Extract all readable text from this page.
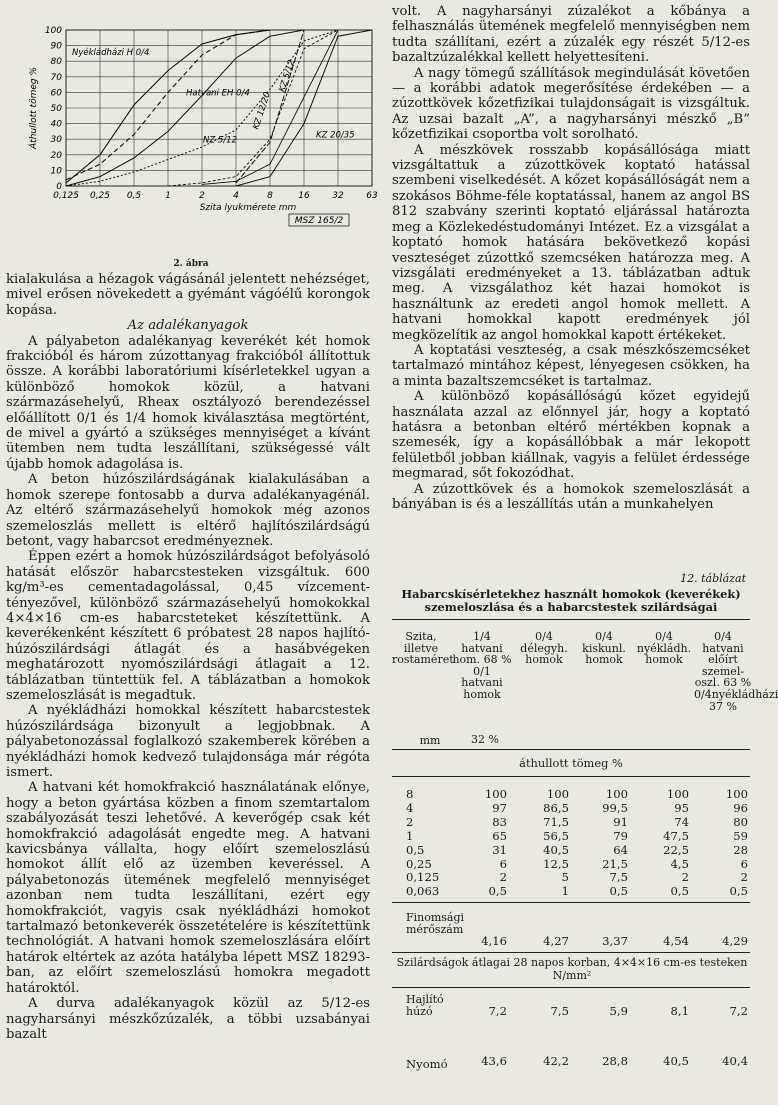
100
90
80
70
60
50
40
30
20
10
0
0,125 0,25 0,5	1	2	4	8	16	32	63
Áthullott tömeg %
Szita lyukmérete mm
MSZ 165/2
Nyékládházi H 0/4
Hatvani EH 0/4
NZ 5/12
KZ 12/20
KZ 20/35
KZ 5/12
2. ábra

kialakulása a hézagok vágásánál jelentett nehézséget, mivel erősen növekedett a gyémánt vágóélű korongok kopása.

Az adalékanyagok

A pályabeton adalékanyag keverékét két homok frakcióból és három zúzottanyag frakcióból állítottuk össze. A korábbi laboratóriumi kísérletekkel ugyan a különböző homokok közül, a hatvani származásehelyű, Rheax osztályozó berendezéssel előállított 0/1 és 1/4 homok kiválasztása megtörtént, de mivel a gyártó a szükséges mennyiséget a kívánt ütemben nem tudta leszállítani, szükségessé vált újabb homok adagolása is.

A beton húzószilárdságának kialakulásában a homok szerepe fontosabb a durva adalékanyagénál. Az eltérő származásehelyű homokok még azonos szemeloszlás mellett is eltérő hajlítószilárdságú betont, vagy habarcsot eredményeznek.

Éppen ezért a homok húzószilárdságot befolyásoló hatását először habarcstesteken vizsgáltuk. 600 kg/m³-es cementadagolással, 0,45 vízcementtényezővel, különböző származásehelyű homokokkal 4×4×16 cm-es habarcsteteket készítettünk. A keverékenként készített 6 próbatest 28 napos hajlító-húzószilárdsági átlagát és a hasábvégeken meghatározott nyomószilárdsági átlagait a 12. táblázatban tüntettük fel. A táblázatban a homokok szemeloszlását is megadtuk.

A nyékládházi homokkal készített habarcstestek húzószilárdsága bizonyult a legjobbnak. A pályabetonozással foglalkozó szakemberek körében a nyékládházi homok kedvező tulajdonsága már régóta ismert.

A hatvani két homokfrakció használatának előnye, hogy a beton gyártása közben a finom szemtartalom szabályozását teszi lehetővé. A keverőgép csak két homokfrakció adagolását engedte meg. A hatvani kavicsbánya vállalta, hogy előírt szemeloszlású homokot állít elő az üzemben keveréssel. A pályabetonozás ütemének megfelelő mennyiséget azonban nem tudta leszállítani, ezért egy homokfrakciót, vagyis csak nyékládházi homokot tartalmazó betonkeverék összetételére is készítettünk technológiát. A hatvani homok szemeloszlására előírt határok eltértek az azóta hatályba lépett MSZ 18293-ban, az előírt szemeloszlású homokra megadott határoktól.

A durva adalékanyagok közül az 5/12-es nagyharsányi mészkőzúzalék, a többi uzsabányai bazalt

volt. A nagyharsányi zúzalékot a kőbánya a felhasználás ütemének megfelelő mennyiségben nem tudta szállítani, ezért a zúzalék egy részét 5/12-es bazaltzúzalékkal kellett helyettesíteni.

A nagy tömegű szállítások megindulását követően — a korábbi adatok megerősítése érdekében — a zúzottkövek kőzetfizikai tulajdonságait is vizsgáltuk. Az uzsai bazalt „A”, a nagyharsányi mészkő „B” kőzetfizikai csoportba volt sorolható.

A mészkövek rosszabb kopásállósága miatt vizsgáltattuk a zúzottkövek koptató hatással szembeni viselkedését. A kőzet kopásállóságát nem a szokásos Böhme-féle koptatással, hanem az angol BS 812 szabvány szerinti koptató eljárással határozta meg a Közlekedéstudományi Intézet. Ez a vizsgálat a koptató homok hatására bekövetkező kopási veszteséget zúzottkő szemcséken határozza meg. A vizsgálati eredményeket a 13. táblázatban adtuk meg. A vizsgálathoz két hazai homokot is használtunk az eredeti angol homok mellett. A hatvani homokkal kapott eredmények jól megközelítik az angol homokkal kapott értékeket.

A koptatási veszteség, a csak mészkőszemcséket tartalmazó mintához képest, lényegesen csökken, ha a minta bazaltszemcséket is tartalmaz.

A különböző kopásállóságú kőzet egyidejű használata azzal az előnnyel jár, hogy a koptató hatásra a betonban eltérő mértékben kopnak a szemesék, így a kopásállóbbak a már lekopott felületből jobban kiállnak, vagyis a felület érdessége megmarad, sőt fokozódhat.

A zúzottkövek és a homokok szemeloszlását a bányában is és a leszállítás után a munkahelyen

12. táblázat
Habarcskísérletekhez használt homokok (keverékek) szemeloszlása és a habarcstestek szilárdságai
Szita, illetve rostaméret
1/4 hatvani hom. 68 % 0/1 hatvani homok
0/4 délegyh. homok
0/4 kiskunl. homok
0/4 nyékládh. homok
0/4 hatvani előírt szemel-oszl. 63 % 0/4nyékládházi 37 %
mm	32 %
áthullott tömeg %
8	100	100	100	100	100
4	97	86,5	99,5	95	96
2	83	71,5	91	74	80
1	65	56,5	79	47,5	59
0,5	31	40,5	64	22,5	28
0,25	6	12,5	21,5	4,5	6
0,125	2	5	7,5	2	2
0,063	0,5	1	0,5	0,5	0,5
Finomsági mérőszám
4,16	4,27	3,37	4,54	4,29
Szilárdságok átlagai 28 napos korban, 4×4×16 cm-es testeken N/mm²
Hajlító húzó	7,2	7,5	5,9	8,1	7,2
Nyomó	43,6	42,2	28,8	40,5	40,4
